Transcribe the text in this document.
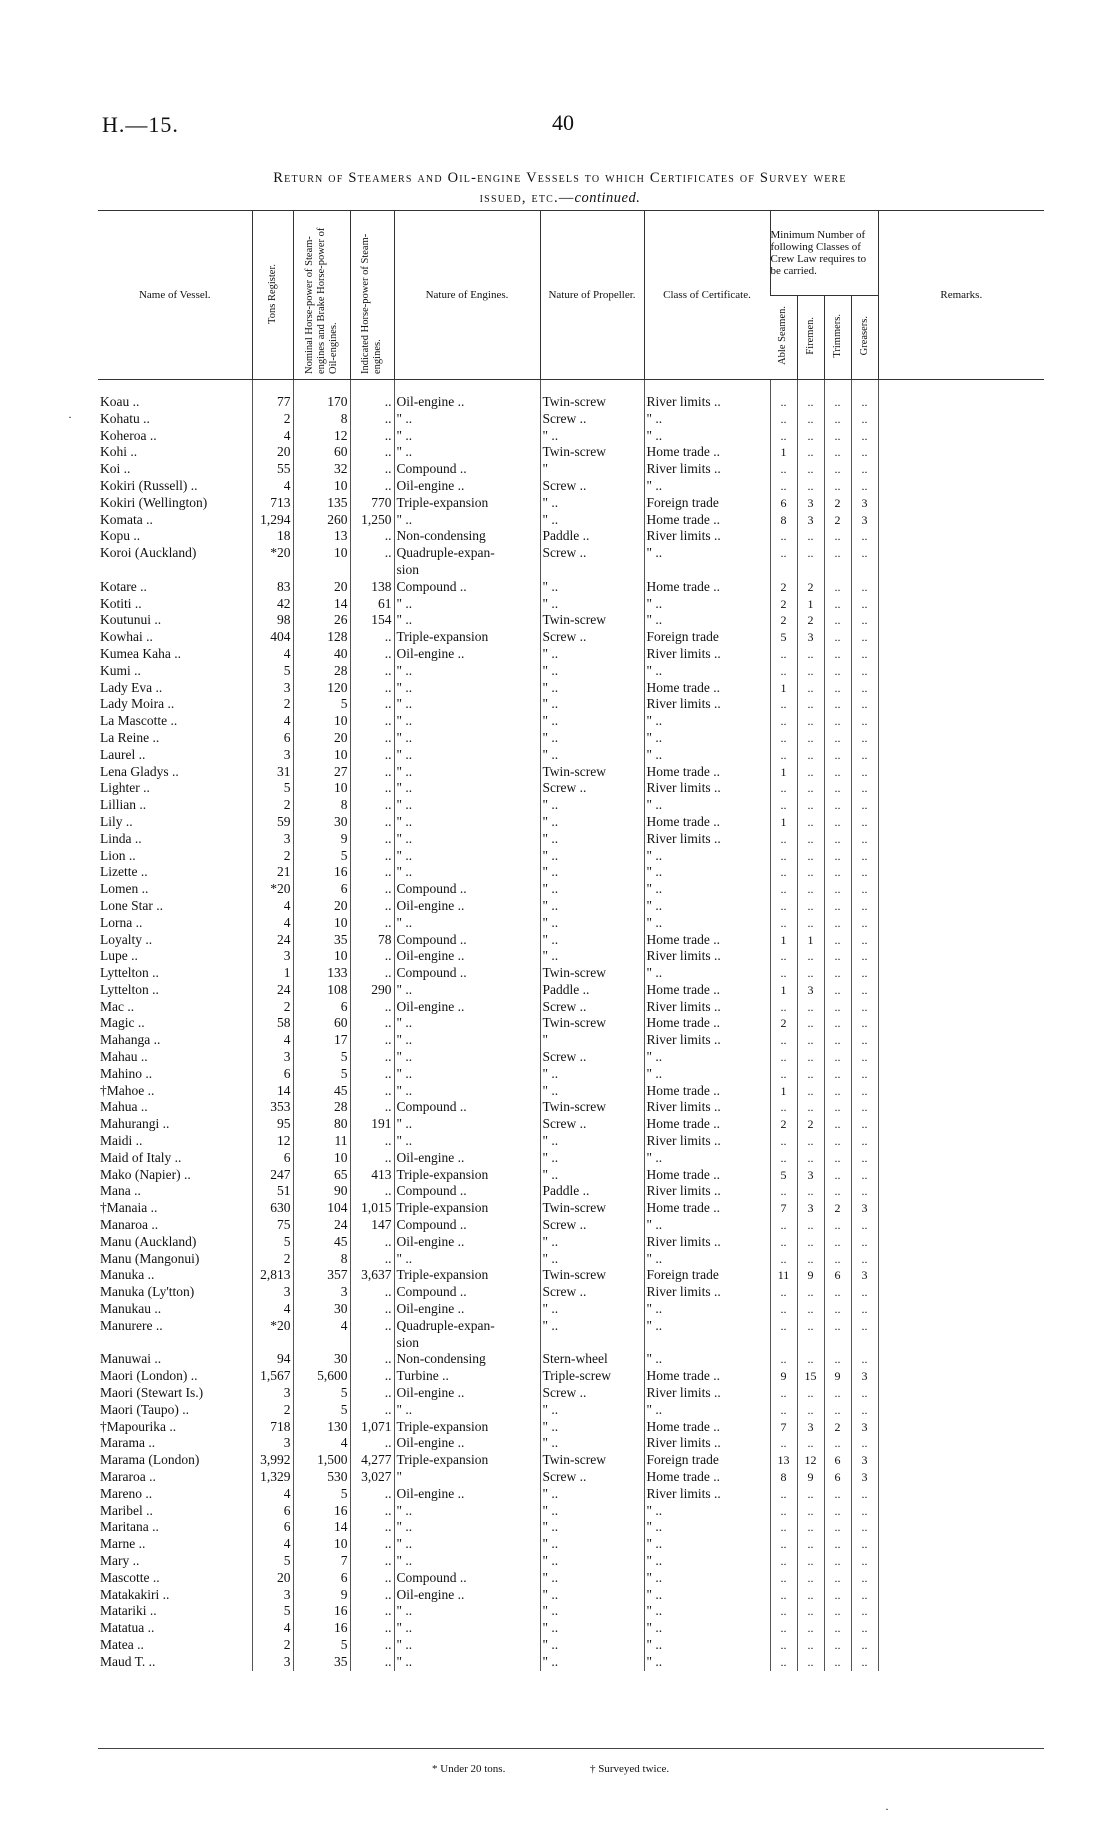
H.—15.	40
Return of Steamers and Oil-engine Vessels to which Certificates of Survey were
issued, etc.—continued.
Name of Vessel.	Tons Register.	Nominal Horse-power of Steam-engines and Brake Horse-power of Oil-engines.	Indicated Horse-power of Steam-engines.	Nature of Engines.	Nature of Propeller.	Class of Certificate.	Minimum Number of following Classes of Crew Law requires to be carried.				Remarks.
							Able Seamen.	Firemen.	Trimmers.	Greasers.	

Koau ..	77	170	..	Oil-engine ..	Twin-screw	River limits ..	..	..	..	..	
Kohatu ..	2	8	..	" ..	Screw ..	" ..	..	..	..	..	
Koheroa ..	4	12	..	" ..	" ..	" ..	..	..	..	..	
Kohi ..	20	60	..	" ..	Twin-screw	Home trade ..	1	..	..	..	
Koi ..	55	32	..	Compound ..	"	River limits ..	..	..	..	..	
Kokiri (Russell) ..	4	10	..	Oil-engine ..	Screw ..	" ..	..	..	..	..	
Kokiri (Wellington)	713	135	770	Triple-expansion	" ..	Foreign trade	6	3	2	3	
Komata ..	1,294	260	1,250	" ..	" ..	Home trade ..	8	3	2	3	
Kopu ..	18	13	..	Non-condensing	Paddle ..	River limits ..	..	..	..	..	
Koroi (Auckland)	*20	10	..	Quadruple-expan-	Screw ..	" ..	..	..	..	..	
				sion							
Kotare ..	83	20	138	Compound ..	" ..	Home trade ..	2	2	..	..	
Kotiti ..	42	14	61	" ..	" ..	" ..	2	1	..	..	
Koutunui ..	98	26	154	" ..	Twin-screw	" ..	2	2	..	..	
Kowhai ..	404	128	..	Triple-expansion	Screw ..	Foreign trade	5	3	..	..	
Kumea Kaha ..	4	40	..	Oil-engine ..	" ..	River limits ..	..	..	..	..	
Kumi ..	5	28	..	" ..	" ..	" ..	..	..	..	..	
Lady Eva ..	3	120	..	" ..	" ..	Home trade ..	1	..	..	..	
Lady Moira ..	2	5	..	" ..	" ..	River limits ..	..	..	..	..	
La Mascotte ..	4	10	..	" ..	" ..	" ..	..	..	..	..	
La Reine ..	6	20	..	" ..	" ..	" ..	..	..	..	..	
Laurel ..	3	10	..	" ..	" ..	" ..	..	..	..	..	
Lena Gladys ..	31	27	..	" ..	Twin-screw	Home trade ..	1	..	..	..	
Lighter ..	5	10	..	" ..	Screw ..	River limits ..	..	..	..	..	
Lillian ..	2	8	..	" ..	" ..	" ..	..	..	..	..	
Lily ..	59	30	..	" ..	" ..	Home trade ..	1	..	..	..	
Linda ..	3	9	..	" ..	" ..	River limits ..	..	..	..	..	
Lion ..	2	5	..	" ..	" ..	" ..	..	..	..	..	
Lizette ..	21	16	..	" ..	" ..	" ..	..	..	..	..	
Lomen ..	*20	6	..	Compound ..	" ..	" ..	..	..	..	..	
Lone Star ..	4	20	..	Oil-engine ..	" ..	" ..	..	..	..	..	
Lorna ..	4	10	..	" ..	" ..	" ..	..	..	..	..	
Loyalty ..	24	35	78	Compound ..	" ..	Home trade ..	1	1	..	..	
Lupe ..	3	10	..	Oil-engine ..	" ..	River limits ..	..	..	..	..	
Lyttelton ..	1	133	..	Compound ..	Twin-screw	" ..	..	..	..	..	
Lyttelton ..	24	108	290	" ..	Paddle ..	Home trade ..	1	3	..	..	
Mac ..	2	6	..	Oil-engine ..	Screw ..	River limits ..	..	..	..	..	
Magic ..	58	60	..	" ..	Twin-screw	Home trade ..	2	..	..	..	
Mahanga ..	4	17	..	" ..	"	River limits ..	..	..	..	..	
Mahau ..	3	5	..	" ..	Screw ..	" ..	..	..	..	..	
Mahino ..	6	5	..	" ..	" ..	" ..	..	..	..	..	
†Mahoe ..	14	45	..	" ..	" ..	Home trade ..	1	..	..	..	
Mahua ..	353	28	..	Compound ..	Twin-screw	River limits ..	..	..	..	..	
Mahurangi ..	95	80	191	" ..	Screw ..	Home trade ..	2	2	..	..	
Maidi ..	12	11	..	" ..	" ..	River limits ..	..	..	..	..	
Maid of Italy ..	6	10	..	Oil-engine ..	" ..	" ..	..	..	..	..	
Mako (Napier) ..	247	65	413	Triple-expansion	" ..	Home trade ..	5	3	..	..	
Mana ..	51	90	..	Compound ..	Paddle ..	River limits ..	..	..	..	..	
†Manaia ..	630	104	1,015	Triple-expansion	Twin-screw	Home trade ..	7	3	2	3	
Manaroa ..	75	24	147	Compound ..	Screw ..	" ..	..	..	..	..	
Manu (Auckland)	5	45	..	Oil-engine ..	" ..	River limits ..	..	..	..	..	
Manu (Mangonui)	2	8	..	" ..	" ..	" ..	..	..	..	..	
Manuka ..	2,813	357	3,637	Triple-expansion	Twin-screw	Foreign trade	11	9	6	3	
Manuka (Ly'tton)	3	3	..	Compound ..	Screw ..	River limits ..	..	..	..	..	
Manukau ..	4	30	..	Oil-engine ..	" ..	" ..	..	..	..	..	
Manurere ..	*20	4	..	Quadruple-expan-	" ..	" ..	..	..	..	..	
				sion							
Manuwai ..	94	30	..	Non-condensing	Stern-wheel	" ..	..	..	..	..	
Maori (London) ..	1,567	5,600	..	Turbine ..	Triple-screw	Home trade ..	9	15	9	3	
Maori (Stewart Is.)	3	5	..	Oil-engine ..	Screw ..	River limits ..	..	..	..	..	
Maori (Taupo) ..	2	5	..	" ..	" ..	" ..	..	..	..	..	
†Mapourika ..	718	130	1,071	Triple-expansion	" ..	Home trade ..	7	3	2	3	
Marama ..	3	4	..	Oil-engine ..	" ..	River limits ..	..	..	..	..	
Marama (London)	3,992	1,500	4,277	Triple-expansion	Twin-screw	Foreign trade	13	12	6	3	
Mararoa ..	1,329	530	3,027	"	Screw ..	Home trade ..	8	9	6	3	
Mareno ..	4	5	..	Oil-engine ..	" ..	River limits ..	..	..	..	..	
Maribel ..	6	16	..	" ..	" ..	" ..	..	..	..	..	
Maritana ..	6	14	..	" ..	" ..	" ..	..	..	..	..	
Marne ..	4	10	..	" ..	" ..	" ..	..	..	..	..	
Mary ..	5	7	..	" ..	" ..	" ..	..	..	..	..	
Mascotte ..	20	6	..	Compound ..	" ..	" ..	..	..	..	..	
Matakakiri ..	3	9	..	Oil-engine ..	" ..	" ..	..	..	..	..	
Matariki ..	5	16	..	" ..	" ..	" ..	..	..	..	..	
Matatua ..	4	16	..	" ..	" ..	" ..	..	..	..	..	
Matea ..	2	5	..	" ..	" ..	" ..	..	..	..	..	
Maud T. ..	3	35	..	" ..	" ..	" ..	..	..	..	..	
* Under 20 tons.	† Surveyed twice.
·
·
